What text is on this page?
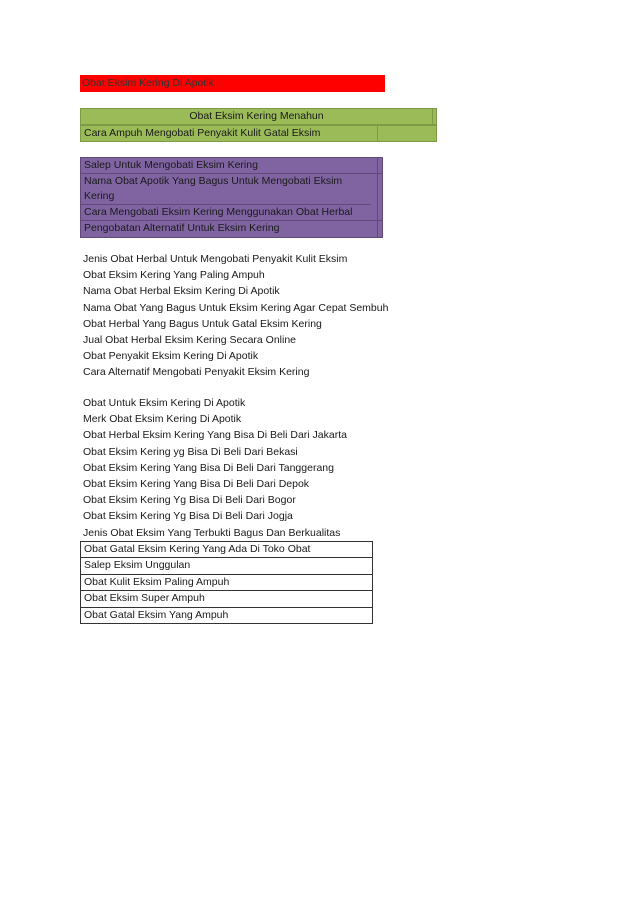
Obat Eksim Kering Di Apotik
Obat Eksim Kering Menahun
Cara Ampuh Mengobati Penyakit Kulit Gatal Eksim
Salep Untuk Mengobati Eksim Kering
Nama Obat Apotik Yang Bagus Untuk Mengobati Eksim Kering
Cara Mengobati Eksim Kering Menggunakan Obat Herbal
Pengobatan Alternatif Untuk Eksim Kering
Jenis Obat Herbal Untuk Mengobati Penyakit Kulit Eksim
Obat Eksim Kering Yang Paling Ampuh
Nama Obat Herbal Eksim Kering Di Apotik
Nama Obat Yang Bagus Untuk Eksim Kering Agar Cepat Sembuh
Obat Herbal Yang Bagus Untuk Gatal Eksim Kering
Jual Obat Herbal Eksim Kering Secara Online
Obat Penyakit Eksim Kering Di Apotik
Cara Alternatif Mengobati Penyakit Eksim Kering
Obat Untuk Eksim Kering Di Apotik
Merk Obat Eksim Kering Di Apotik
Obat Herbal Eksim Kering Yang Bisa Di Beli Dari Jakarta
Obat Eksim Kering yg Bisa Di Beli Dari Bekasi
Obat Eksim Kering Yang Bisa Di Beli Dari Tanggerang
Obat Eksim Kering Yang Bisa Di Beli Dari Depok
Obat Eksim Kering Yg Bisa Di Beli Dari Bogor
Obat Eksim Kering Yg Bisa Di Beli Dari Jogja
Jenis Obat Eksim Yang Terbukti Bagus Dan Berkualitas
Obat Gatal Eksim Kering Yang Ada Di Toko Obat
Salep Eksim Unggulan
Obat Kulit Eksim Paling Ampuh
Obat Eksim Super Ampuh
Obat Gatal Eksim Yang Ampuh
